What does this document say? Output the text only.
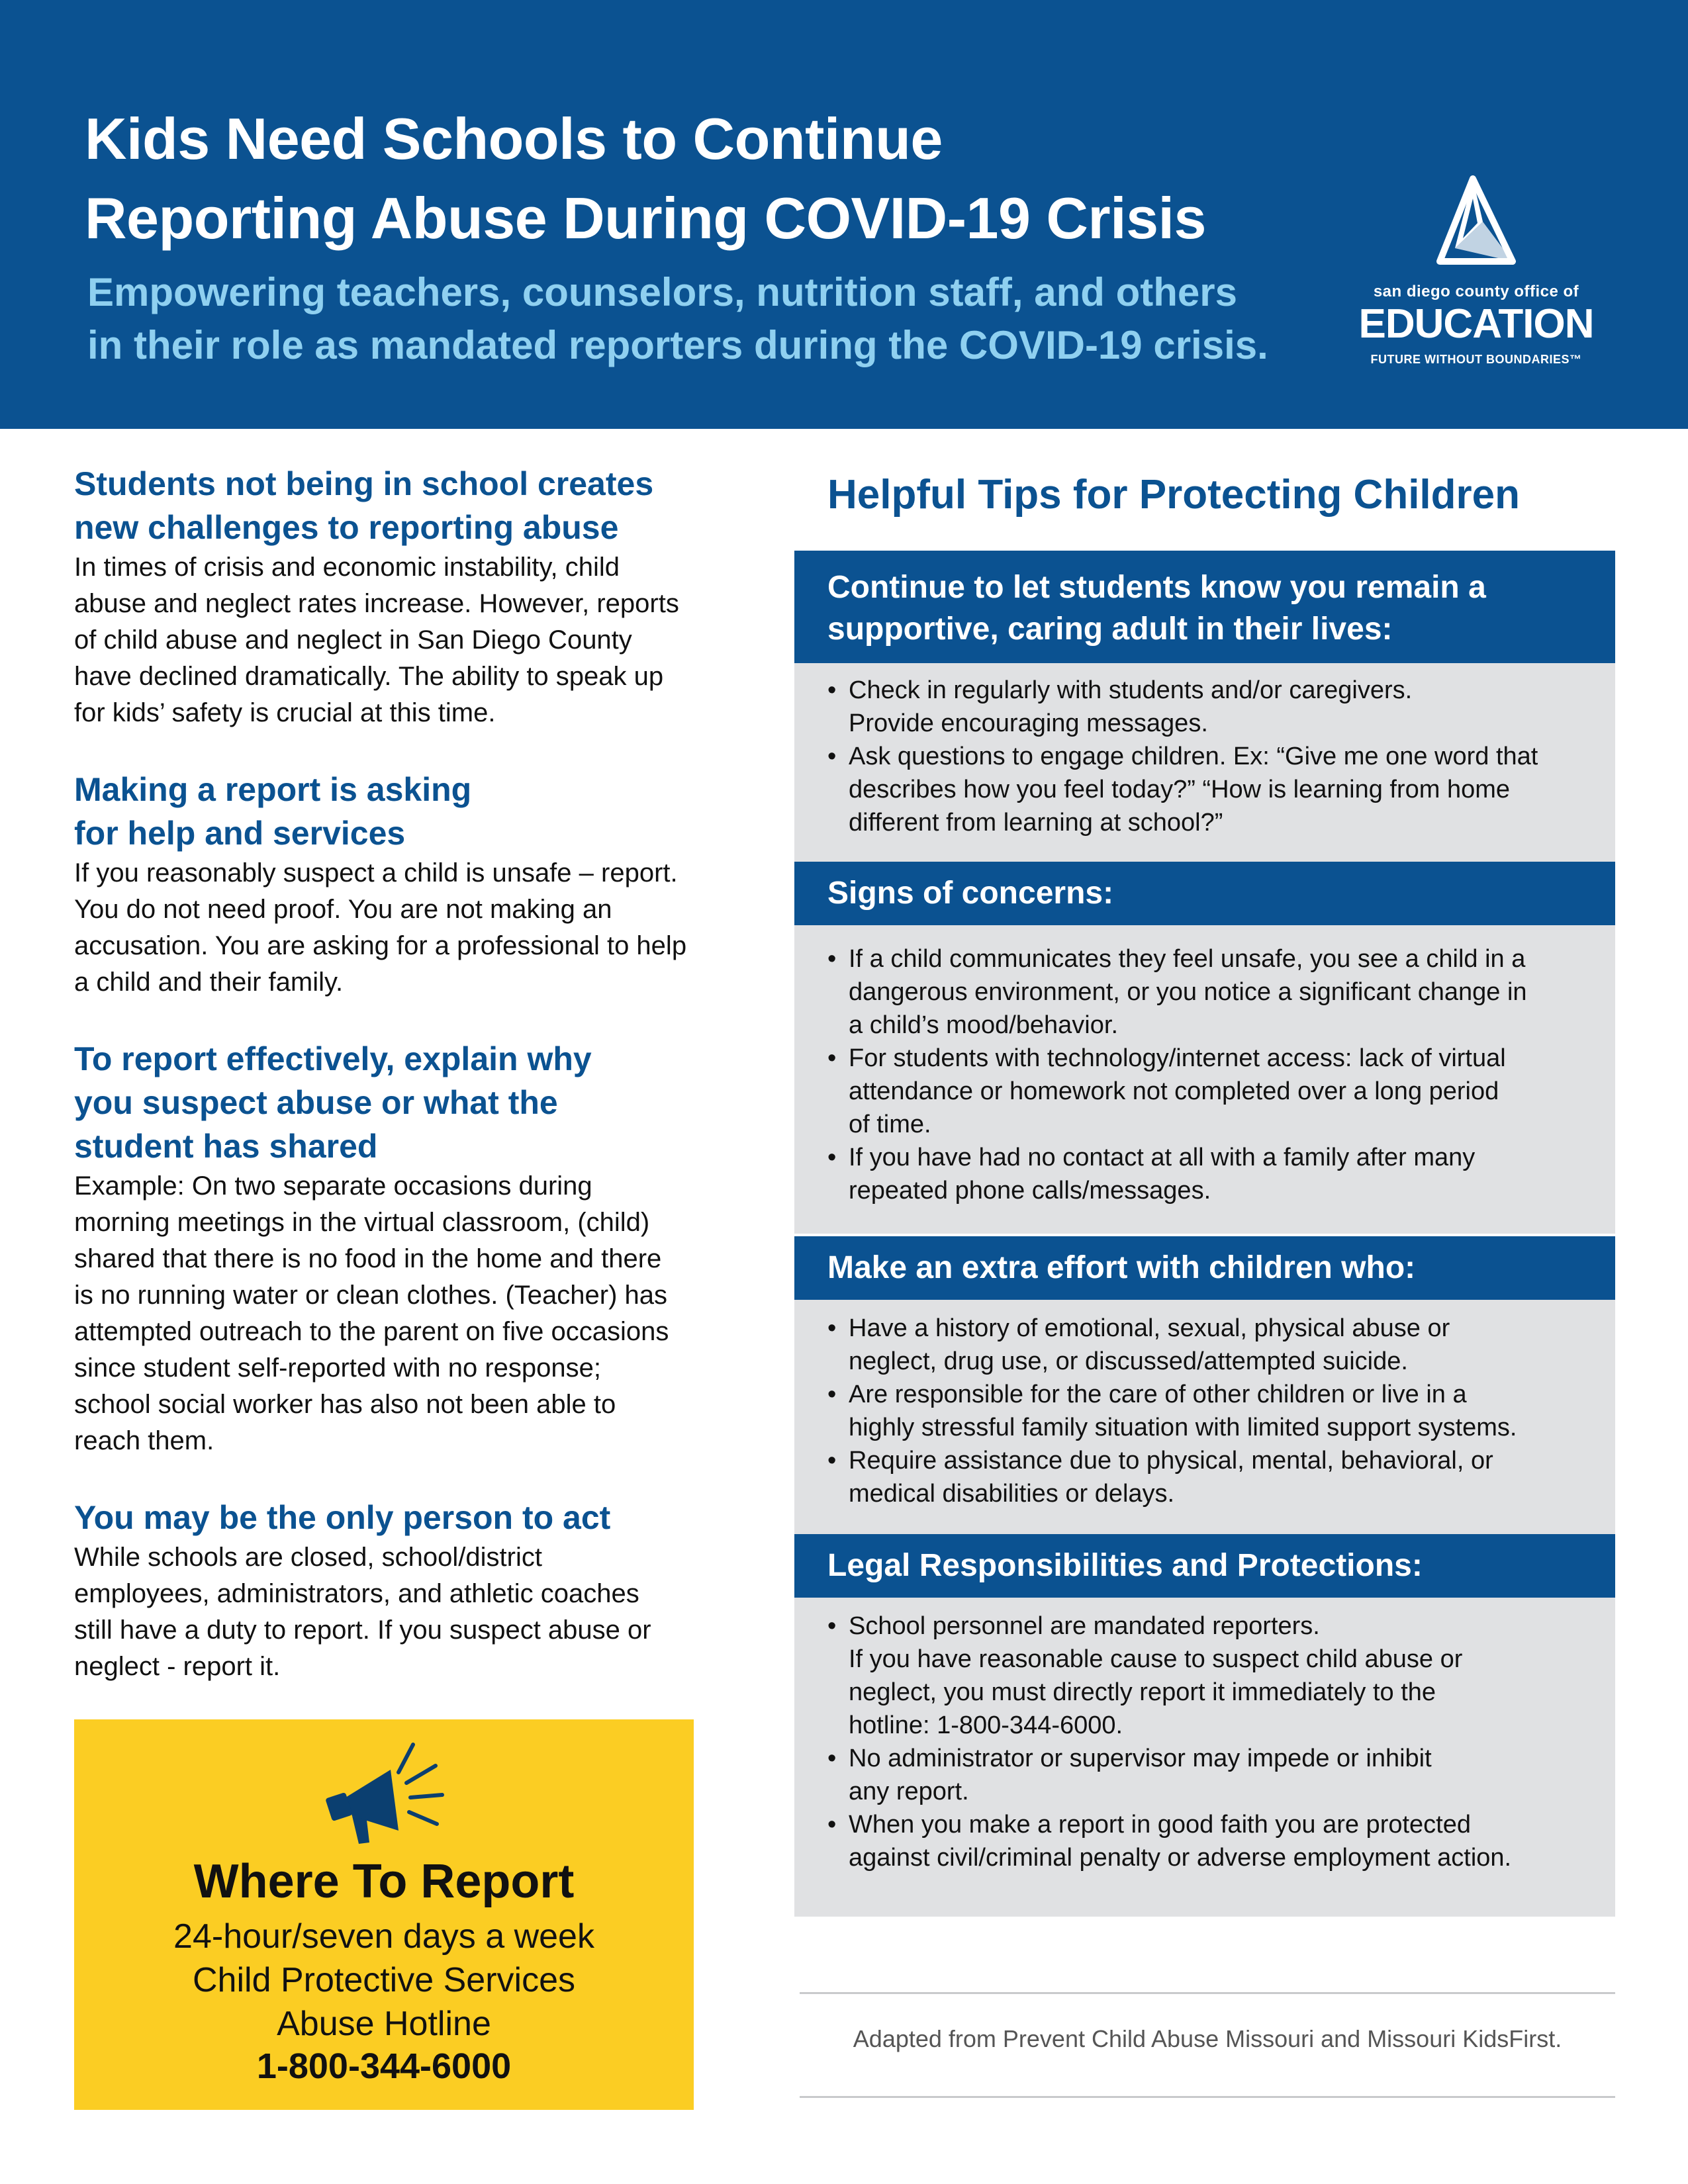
Kids Need Schools to Continue
Reporting Abuse During COVID-19 Crisis

Empowering teachers, counselors, nutrition staff, and others
in their role as mandated reporters during the COVID-19 crisis.

san diego county office of
EDUCATION
FUTURE WITHOUT BOUNDARIES™
Students not being in school creates
new challenges to reporting abuse

In times of crisis and economic instability, child
abuse and neglect rates increase. However, reports
of child abuse and neglect in San Diego County
have declined dramatically. The ability to speak up
for kids’ safety is crucial at this time.

Making a report is asking
for help and services

If you reasonably suspect a child is unsafe – report.
You do not need proof. You are not making an
accusation. You are asking for a professional to help
a child and their family.

To report effectively, explain why
you suspect abuse or what the
student has shared

Example: On two separate occasions during
morning meetings in the virtual classroom, (child)
shared that there is no food in the home and there
is no running water or clean clothes. (Teacher) has
attempted outreach to the parent on five occasions
since student self-reported with no response;
school social worker has also not been able to
reach them.

You may be the only person to act

While schools are closed, school/district
employees, administrators, and athletic coaches
still have a duty to report. If you suspect abuse or
neglect - report it.

Where To Report
24-hour/seven days a week
Child Protective Services
Abuse Hotline
1-800-344-6000
Helpful Tips for Protecting Children
Continue to let students know you remain a
supportive, caring adult in their lives:
• Check in regularly with students and/or caregivers.
Provide encouraging messages.
• Ask questions to engage children. Ex: “Give me one word that
describes how you feel today?” “How is learning from home
different from learning at school?”
Signs of concerns:
• If a child communicates they feel unsafe, you see a child in a
dangerous environment, or you notice a significant change in
a child’s mood/behavior.
• For students with technology/internet access: lack of virtual
attendance or homework not completed over a long period
of time.
• If you have had no contact at all with a family after many
repeated phone calls/messages.
Make an extra effort with children who:
• Have a history of emotional, sexual, physical abuse or
neglect, drug use, or discussed/attempted suicide.
• Are responsible for the care of other children or live in a
highly stressful family situation with limited support systems.
• Require assistance due to physical, mental, behavioral, or
medical disabilities or delays.
Legal Responsibilities and Protections:
• School personnel are mandated reporters.
If you have reasonable cause to suspect child abuse or
neglect, you must directly report it immediately to the
hotline: 1-800-344-6000.
• No administrator or supervisor may impede or inhibit
any report.
• When you make a report in good faith you are protected
against civil/criminal penalty or adverse employment action.
Adapted from Prevent Child Abuse Missouri and Missouri KidsFirst.
